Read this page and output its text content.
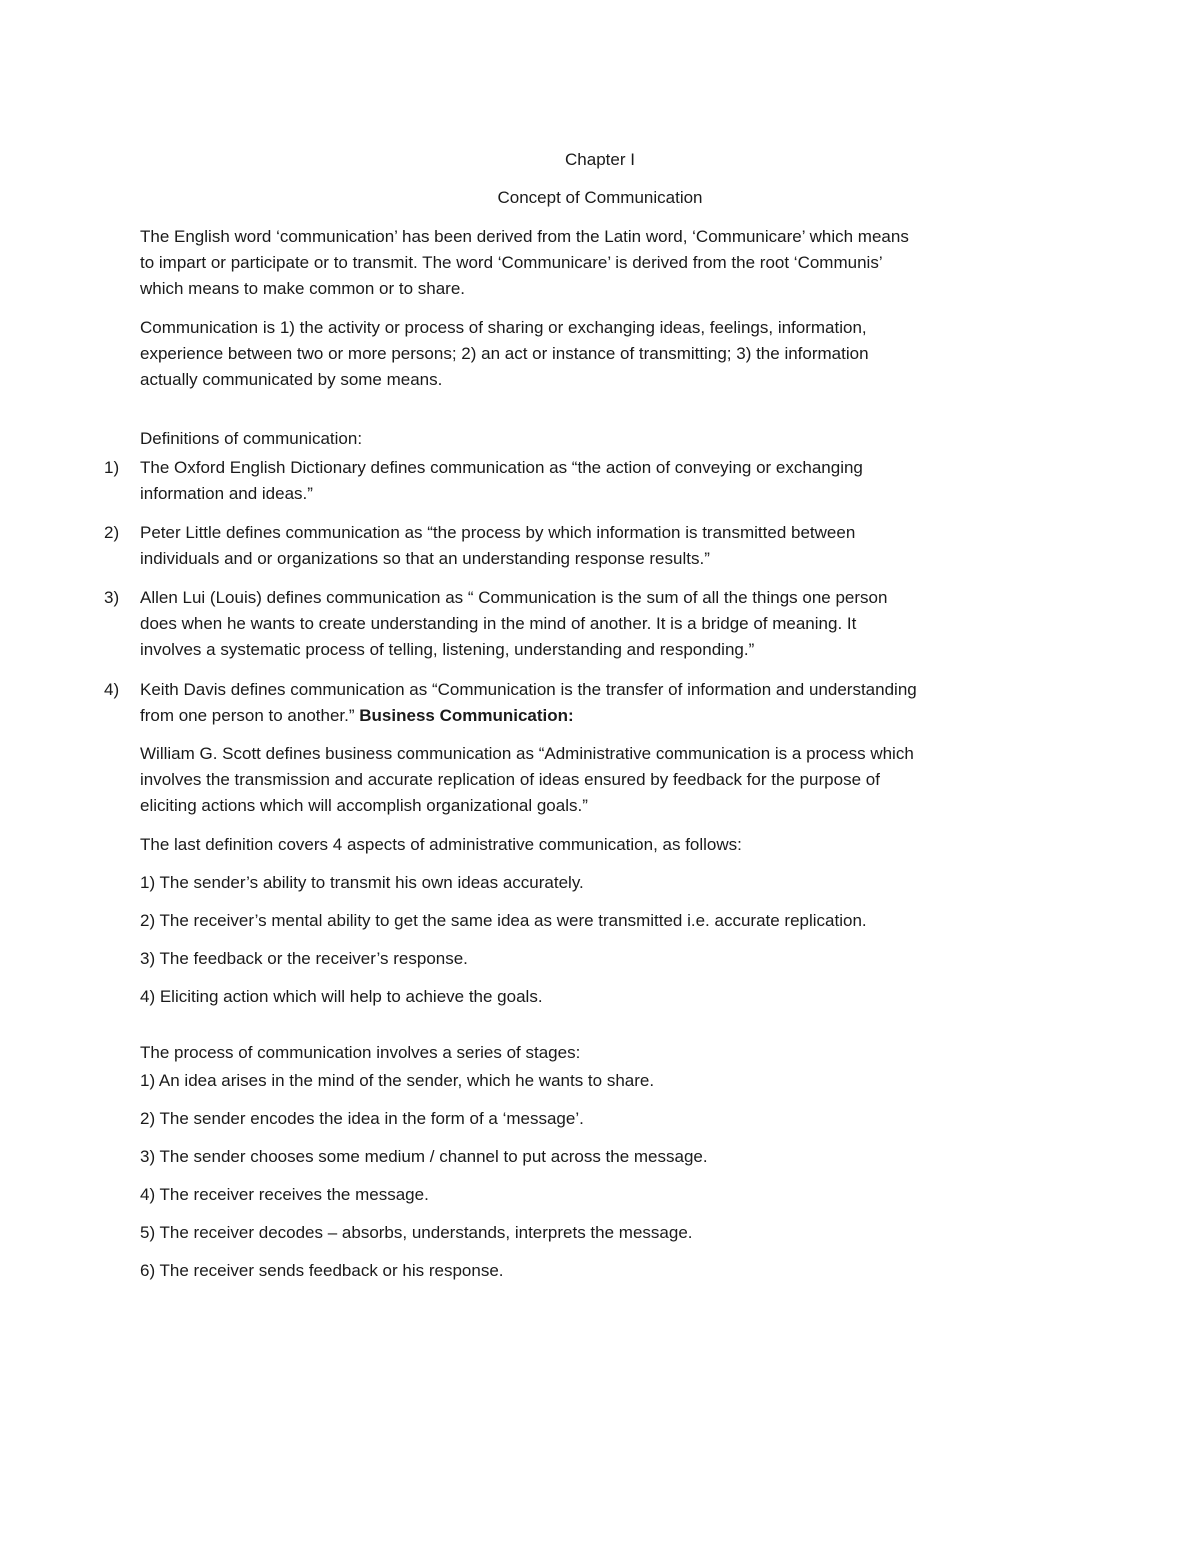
Chapter I
Concept of Communication
The English word ‘communication’ has been derived from the Latin word, ‘Communicare’ which means
to impart or participate or to transmit. The word ‘Communicare’ is derived from the root ‘Communis’
which means to make common or to share.
Communication is 1) the activity or process of sharing or exchanging ideas, feelings, information,
experience between two or more persons; 2) an act or instance of transmitting; 3) the information
actually communicated by some means.
Definitions of communication:
1) The Oxford English Dictionary defines communication as “the action of conveying or exchanging
information and ideas.”
2) Peter Little defines communication as “the process by which information is transmitted between
individuals and or organizations so that an understanding response results.”
3) Allen Lui (Louis) defines communication as “ Communication is the sum of all the things one person
does when he wants to create understanding in the mind of another. It is a bridge of meaning. It
involves a systematic process of telling, listening, understanding and responding.”
4) Keith Davis defines communication as “Communication is the transfer of information and understanding
from one person to another.” Business Communication:
William G. Scott defines business communication as “Administrative communication is a process which
involves the transmission and accurate replication of ideas ensured by feedback for the purpose of
eliciting actions which will accomplish organizational goals.”
The last definition covers 4 aspects of administrative communication, as follows:
1) The sender’s ability to transmit his own ideas accurately.
2) The receiver’s mental ability to get the same idea as were transmitted i.e. accurate replication.
3) The feedback or the receiver’s response.
4) Eliciting action which will help to achieve the goals.
The process of communication involves a series of stages:
1) An idea arises in the mind of the sender, which he wants to share.
2) The sender encodes the idea in the form of a ‘message’.
3) The sender chooses some medium / channel to put across the message.
4) The receiver receives the message.
5) The receiver decodes – absorbs, understands, interprets the message.
6) The receiver sends feedback or his response.
